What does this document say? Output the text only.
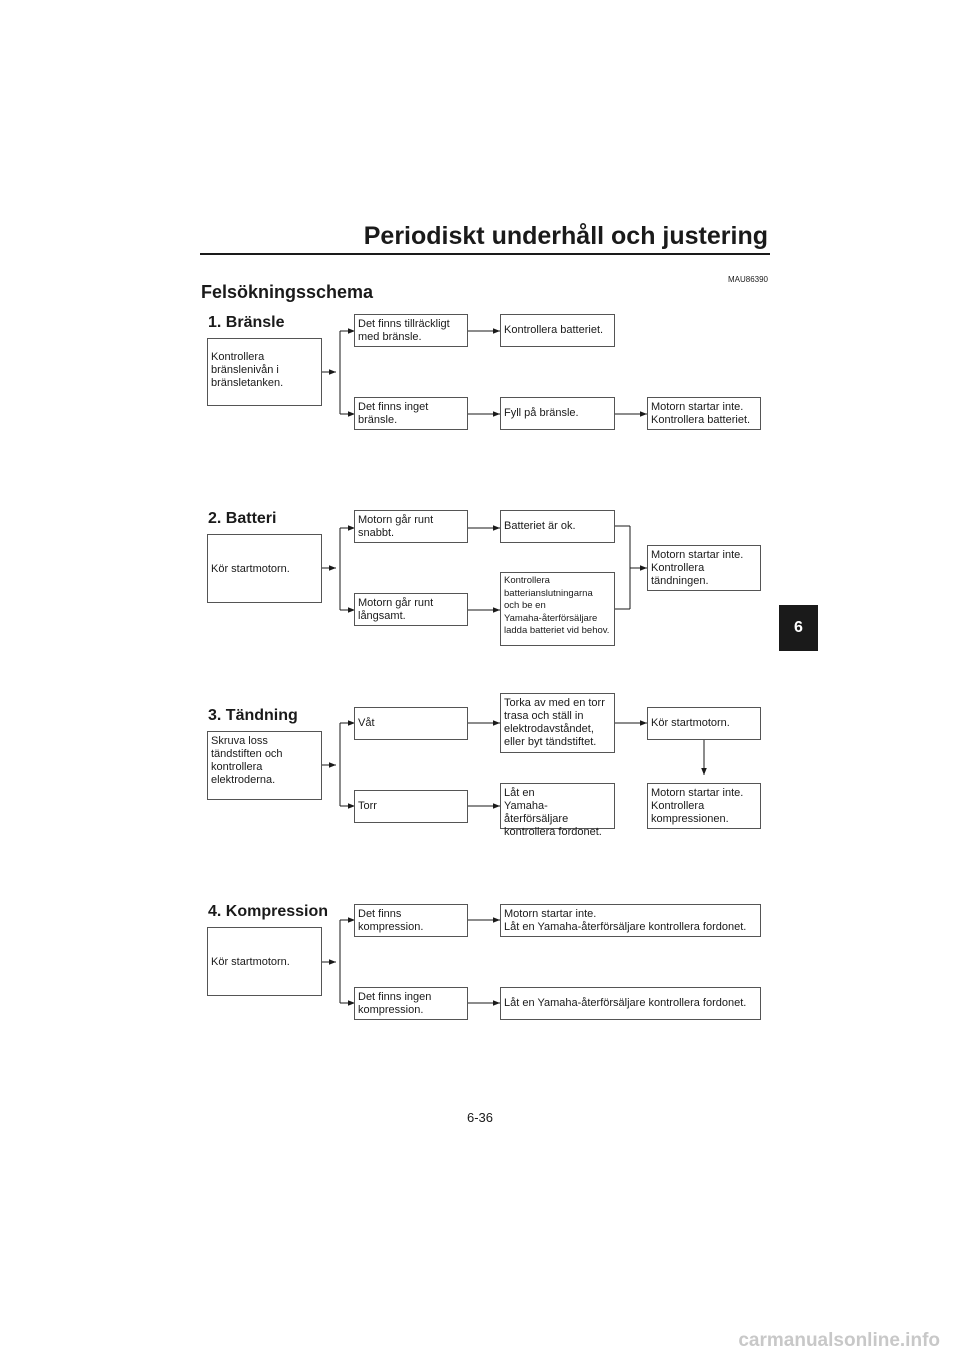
Periodiskt underhåll och justering
MAU86390
Felsökningsschema
6
1. Bränsle
Kontrollera
bränslenivån i
bränsletanken.
Det finns tillräckligt
med bränsle.
Kontrollera batteriet.
Det finns inget
bränsle.
Fyll på bränsle.	Motorn startar inte.
Kontrollera batteriet.
2. Batteri
Kör startmotorn.
Motorn går runt
snabbt.
Batteriet är ok.
Motorn går runt
långsamt.
Kontrollera
batterianslutningarna
och be en
Yamaha-återförsäljare
ladda batteriet vid behov.
Motorn startar inte.
Kontrollera
tändningen.
3. Tändning
Skruva loss
tändstiften och
kontrollera
elektroderna.
Våt
Torka av med en torr
trasa och ställ in
elektrodavståndet,
eller byt tändstiftet.
Kör startmotorn.
Torr
Låt en
Yamaha-återförsäljare
kontrollera fordonet.
Motorn startar inte.
Kontrollera
kompressionen.
4. Kompression
Kör startmotorn.
Det finns
kompression.
Motorn startar inte.
Låt en Yamaha-återförsäljare kontrollera fordonet.
Det finns ingen
kompression.
Låt en Yamaha-återförsäljare kontrollera fordonet.
6-36
carmanualsonline.info
